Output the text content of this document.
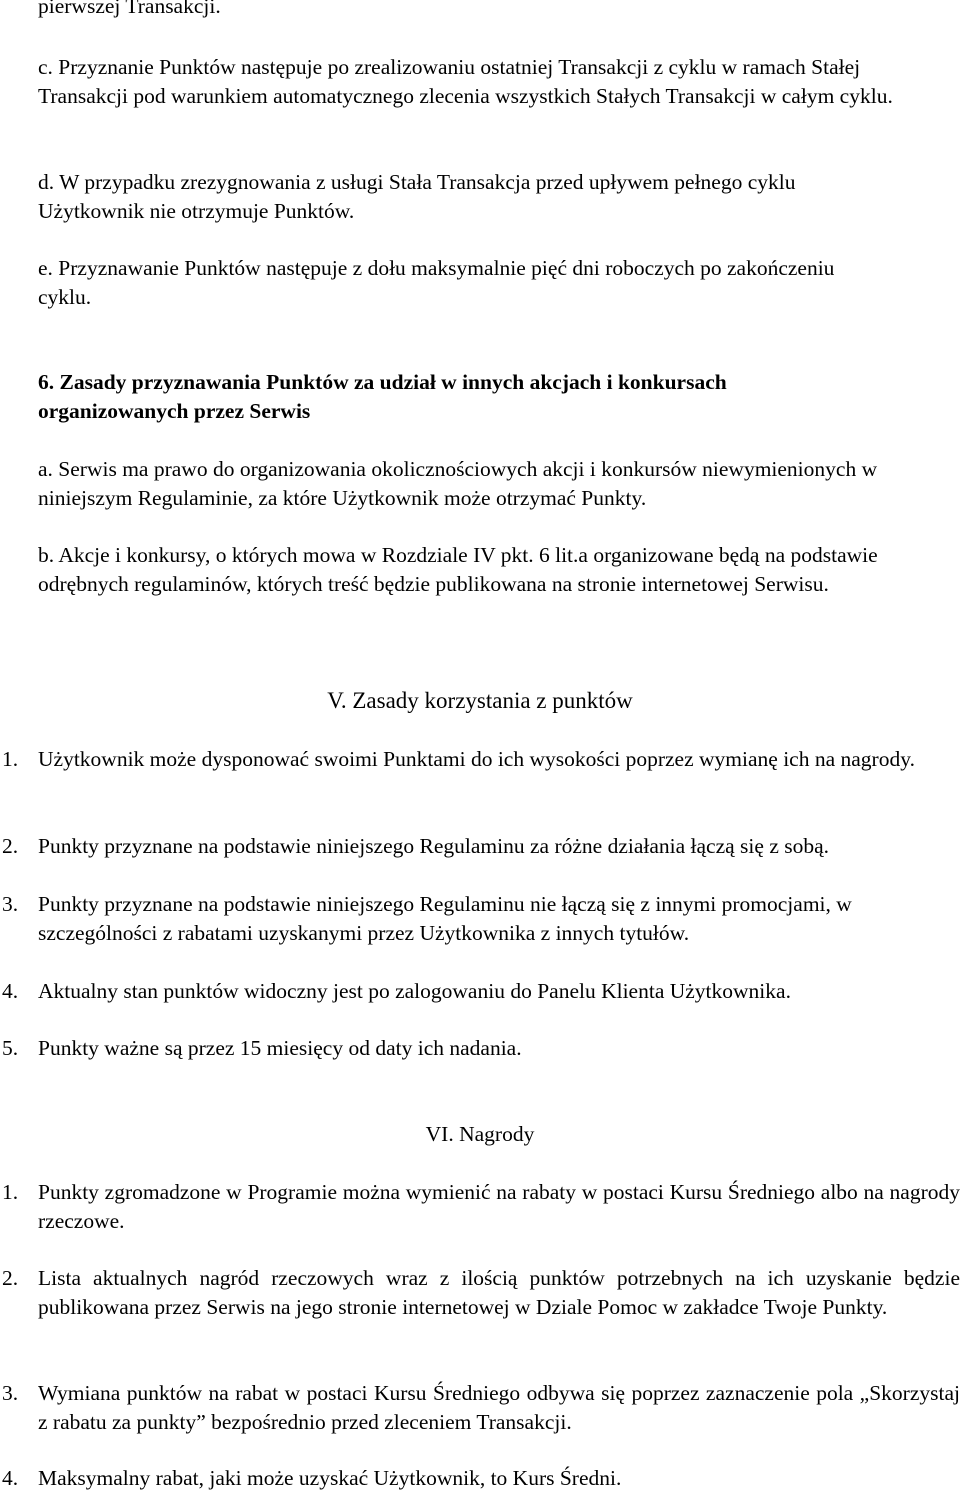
pierwszej Transakcji.

c. Przyznanie Punktów następuje po zrealizowaniu ostatniej Transakcji z cyklu w ramach Stałej Transakcji pod warunkiem automatycznego zlecenia wszystkich Stałych Transakcji w całym cyklu.

d. W przypadku zrezygnowania z usługi Stała Transakcja przed upływem pełnego cyklu Użytkownik nie otrzymuje Punktów.

e. Przyznawanie Punktów następuje z dołu maksymalnie pięć dni roboczych po zakończeniu cyklu.

6. Zasady przyznawania Punktów za udział w innych akcjach i konkursach organizowanych przez Serwis

a. Serwis ma prawo do organizowania okolicznościowych akcji i konkursów niewymienionych w niniejszym Regulaminie, za które Użytkownik może otrzymać Punkty.

b. Akcje i konkursy, o których mowa w Rozdziale IV pkt. 6 lit.a organizowane będą na podstawie odrębnych regulaminów, których treść będzie publikowana na stronie internetowej Serwisu.

V. Zasady korzystania z punktów

1. Użytkownik może dysponować swoimi Punktami do ich wysokości poprzez wymianę ich na nagrody.
2. Punkty przyznane na podstawie niniejszego Regulaminu za różne działania łączą się z sobą.
3. Punkty przyznane na podstawie niniejszego Regulaminu nie łączą się z innymi promocjami, w szczególności z rabatami uzyskanymi przez Użytkownika z innych tytułów.
4. Aktualny stan punktów widoczny jest po zalogowaniu do Panelu Klienta Użytkownika.
5. Punkty ważne są przez 15 miesięcy od daty ich nadania.

VI. Nagrody

1. Punkty zgromadzone w Programie można wymienić na rabaty w postaci Kursu Średniego albo na nagrody rzeczowe.
2. Lista aktualnych nagród rzeczowych wraz z ilością punktów potrzebnych na ich uzyskanie będzie publikowana przez Serwis na jego stronie internetowej w Dziale Pomoc w zakładce Twoje Punkty.
3. Wymiana punktów na rabat w postaci Kursu Średniego odbywa się poprzez zaznaczenie pola „Skorzystaj z rabatu za punkty” bezpośrednio przed zleceniem Transakcji.
4. Maksymalny rabat, jaki może uzyskać Użytkownik, to Kurs Średni.
